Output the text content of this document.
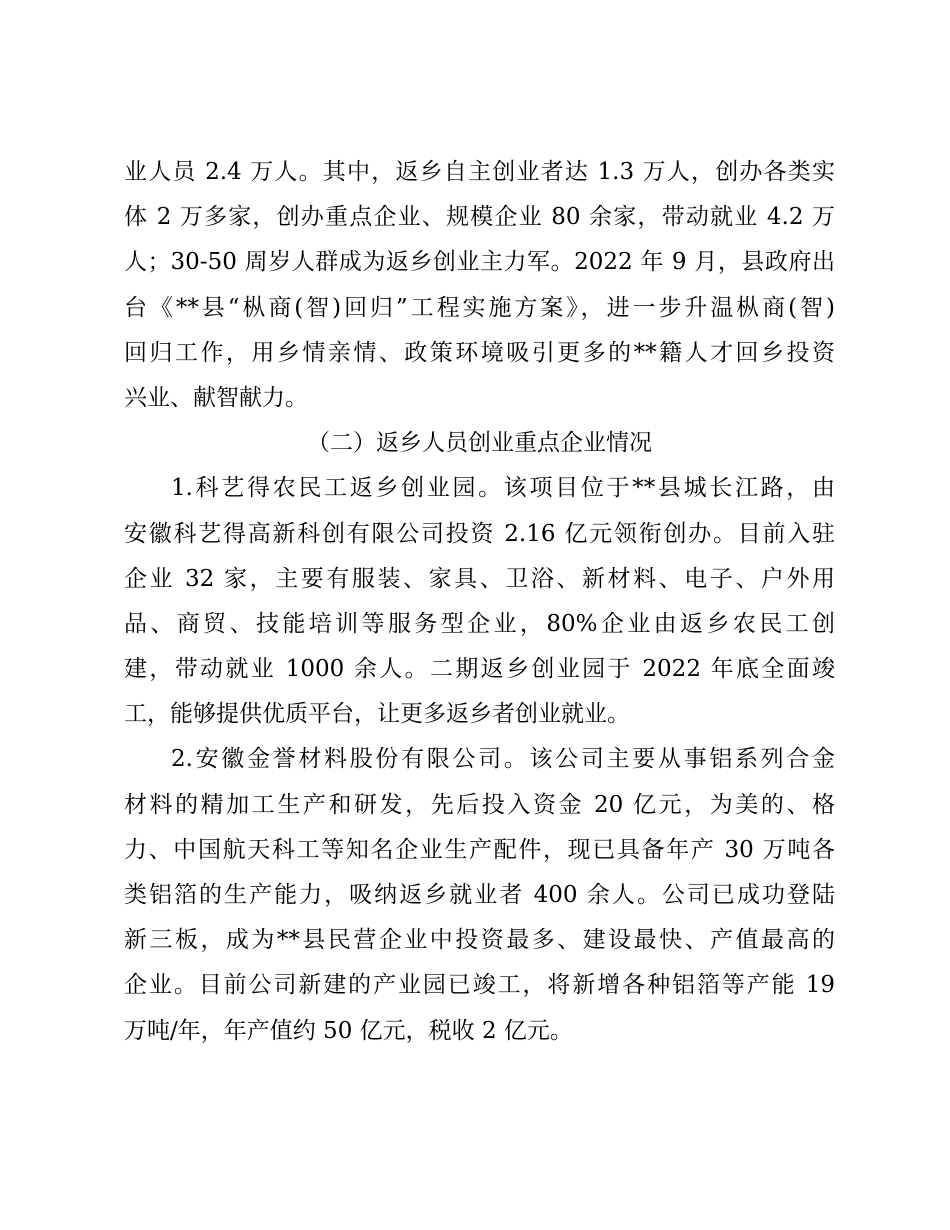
业人员 2.4 万人。其中，返乡自主创业者达 1.3 万人，创办各类实
体 2 万多家，创办重点企业、规模企业 80 余家，带动就业 4.2 万
人；30-50 周岁人群成为返乡创业主力军。2022 年 9 月，县政府出
台《**县“枞商(智)回归”工程实施方案》，进一步升温枞商(智)
回归工作，用乡情亲情、政策环境吸引更多的**籍人才回乡投资
兴业、献智献力。
（二）返乡人员创业重点企业情况
1.科艺得农民工返乡创业园。该项目位于**县城长江路，由
安徽科艺得高新科创有限公司投资 2.16 亿元领衔创办。目前入驻
企业 32 家，主要有服装、家具、卫浴、新材料、电子、户外用
品、商贸、技能培训等服务型企业，80%企业由返乡农民工创
建，带动就业 1000 余人。二期返乡创业园于 2022 年底全面竣
工，能够提供优质平台，让更多返乡者创业就业。
2.安徽金誉材料股份有限公司。该公司主要从事铝系列合金
材料的精加工生产和研发，先后投入资金 20 亿元，为美的、格
力、中国航天科工等知名企业生产配件，现已具备年产 30 万吨各
类铝箔的生产能力，吸纳返乡就业者 400 余人。公司已成功登陆
新三板，成为**县民营企业中投资最多、建设最快、产值最高的
企业。目前公司新建的产业园已竣工，将新增各种铝箔等产能 19
万吨/年，年产值约 50 亿元，税收 2 亿元。
